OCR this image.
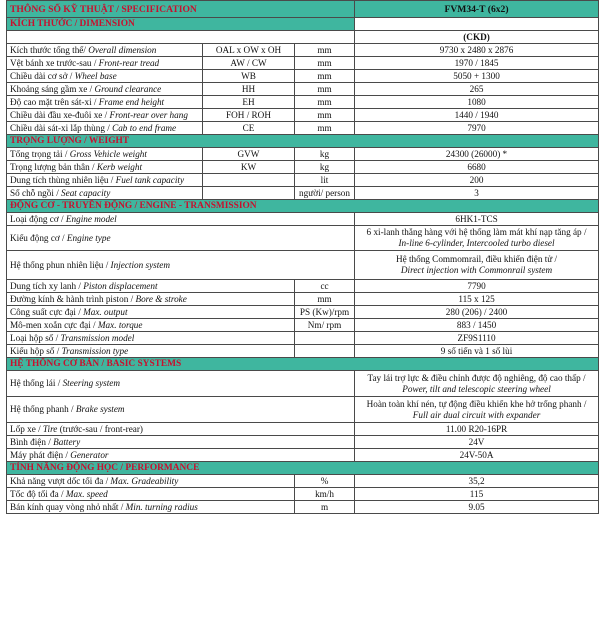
THÔNG SỐ KỸ THUẬT / SPECIFICATION			FVM34-T (6x2)
KÍCH THƯỚC / DIMENSION			
			(CKD)
Kích thước tổng thể/ Overall dimension	OAL x OW x OH	mm	9730 x 2480 x 2876
Vệt bánh xe trước-sau / Front-rear tread	AW / CW	mm	1970 / 1845
Chiều dài cơ sở / Wheel base	WB	mm	5050 + 1300
Khoảng sáng gầm xe / Ground clearance	HH	mm	265
Độ cao mặt trên sát-xi / Frame end height	EH	mm	1080
Chiều dài đầu xe-đuôi xe / Front-rear over hang	FOH / ROH	mm	1440 / 1940
Chiều dài sát-xi lắp thùng / Cab to end frame	CE	mm	7970
TRỌNG LƯỢNG / WEIGHT			
Tổng trọng tải / Gross Vehicle weight	GVW	kg	24300 (26000) *
Trọng lượng bản thân / Kerb weight	KW	kg	6680
Dung tích thùng nhiên liệu / Fuel tank capacity		lit	200
Số chỗ ngồi / Seat capacity		người/ person	3
ĐỘNG CƠ - TRUYỀN ĐỘNG / ENGINE - TRANSMISSION			
Loại động cơ / Engine model			6HK1-TCS
Kiểu động cơ / Engine type			6 xi-lanh thẳng hàng với hệ thống làm mát khí nạp tăng áp /
In-line 6-cylinder, Intercooled turbo diesel

Hệ thống phun nhiên liệu / Injection system			Hệ thống Commomrail, điều khiển điện tử /
Direct injection with Commonrail system

Dung tích xy lanh / Piston displacement		cc	7790
Đường kính & hành trình piston / Bore & stroke		mm	115 x 125
Công suất cực đại / Max. output		PS (Kw)/rpm	280 (206) / 2400
Mô-men xoắn cực đại / Max. torque		Nm/ rpm	883 / 1450
Loại hộp số / Transmission model			ZF9S1110
Kiểu hộp số / Transmission type			9 số tiến và 1 số lùi
HỆ THỐNG CƠ BẢN / BASIC SYSTEMS			
Hệ thống lái / Steering system			Tay lái trợ lực & điều chỉnh được độ nghiêng, độ cao thấp /
Power, tilt and telescopic steering wheel

Hệ thống phanh / Brake system			Hoàn toàn khí nén, tự động điều khiển khe hở trống phanh /
Full air dual circuit with expander

Lốp xe / Tire (trước-sau / front-rear)			11.00 R20-16PR
Bình điện / Battery			24V
Máy phát điện / Generator			24V-50A
TÍNH NĂNG ĐỘNG HỌC / PERFORMANCE			
Khả năng vượt dốc tối đa / Max. Gradeability		%	35,2
Tốc độ tối đa / Max. speed		km/h	115
Bán kính quay vòng nhỏ nhất / Min. turning radius		m	9.05
